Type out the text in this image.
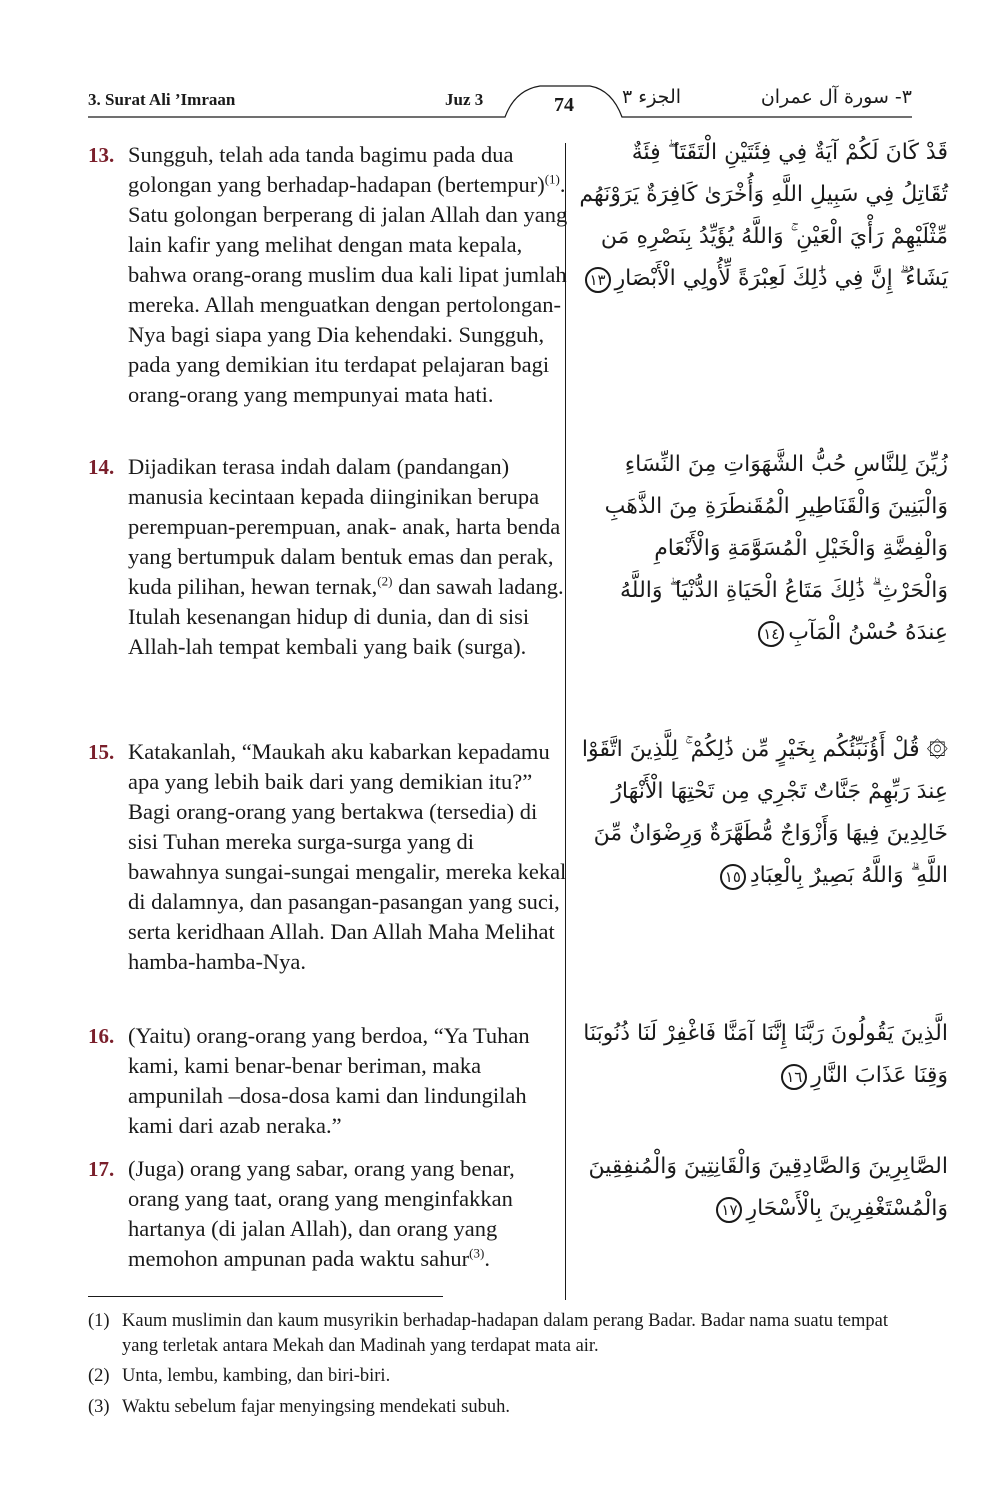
3. Surat Ali ’Imraan	Juz 3	74	الجزء ٣	٣- سورة آل عمران
13. Sungguh, telah ada tanda bagimu pada dua golongan yang berhadap-hadapan (bertempur)$^{(1)}$. Satu golongan berperang di jalan Allah dan yang lain kafir yang melihat dengan mata kepala, bahwa orang-orang muslim dua kali lipat jumlah mereka. Allah menguatkan dengan pertolongan-Nya bagi siapa yang Dia kehendaki. Sungguh, pada yang demikian itu terdapat pelajaran bagi orang-orang yang mempunyai mata hati.
قَدْ كَانَ لَكُمْ آيَةٌ فِي فِئَتَيْنِ الْتَقَتَا ۖ فِئَةٌ تُقَاتِلُ فِي سَبِيلِ اللَّهِ وَأُخْرَىٰ كَافِرَةٌ يَرَوْنَهُم مِّثْلَيْهِمْ رَأْيَ الْعَيْنِ ۚ وَاللَّهُ يُؤَيِّدُ بِنَصْرِهِ مَن يَشَاءُ ۗ إِنَّ فِي ذَٰلِكَ لَعِبْرَةً لِّأُولِي الْأَبْصَارِ١٣
14. Dijadikan terasa indah dalam (pandangan) manusia kecintaan kepada diinginikan berupa perempuan-perempuan, anak- anak, harta benda yang bertumpuk dalam bentuk emas dan perak, kuda pilihan, hewan ternak,$^{(2)}$ dan sawah ladang. Itulah kesenangan hidup di dunia, dan di sisi Allah-lah tempat kembali yang baik (surga).
زُيِّنَ لِلنَّاسِ حُبُّ الشَّهَوَاتِ مِنَ النِّسَاءِ وَالْبَنِينَ وَالْقَنَاطِيرِ الْمُقَنطَرَةِ مِنَ الذَّهَبِ وَالْفِضَّةِ وَالْخَيْلِ الْمُسَوَّمَةِ وَالْأَنْعَامِ وَالْحَرْثِ ۗ ذَٰلِكَ مَتَاعُ الْحَيَاةِ الدُّنْيَا ۖ وَاللَّهُ عِندَهُ حُسْنُ الْمَآبِ١٤
15. Katakanlah, “Maukah aku kabarkan kepadamu apa yang lebih baik dari yang demikian itu?” Bagi orang-orang yang bertakwa (tersedia) di sisi Tuhan mereka surga-surga yang di bawahnya sungai-sungai mengalir, mereka kekal di dalamnya, dan pasangan-pasangan yang suci, serta keridhaan Allah. Dan Allah Maha Melihat hamba-hamba-Nya.
۞ قُلْ أَؤُنَبِّئُكُم بِخَيْرٍ مِّن ذَٰلِكُمْ ۚ لِلَّذِينَ اتَّقَوْا عِندَ رَبِّهِمْ جَنَّاتٌ تَجْرِي مِن تَحْتِهَا الْأَنْهَارُ خَالِدِينَ فِيهَا وَأَزْوَاجٌ مُّطَهَّرَةٌ وَرِضْوَانٌ مِّنَ اللَّهِ ۗ وَاللَّهُ بَصِيرٌ بِالْعِبَادِ١٥
16. (Yaitu) orang-orang yang berdoa, “Ya Tuhan kami, kami benar-benar beriman, maka ampunilah –dosa-dosa kami dan lindungilah kami dari azab neraka.”
الَّذِينَ يَقُولُونَ رَبَّنَا إِنَّنَا آمَنَّا فَاغْفِرْ لَنَا ذُنُوبَنَا وَقِنَا عَذَابَ النَّارِ١٦
17. (Juga) orang yang sabar, orang yang benar, orang yang taat, orang yang menginfakkan hartanya (di jalan Allah), dan orang yang memohon ampunan pada waktu sahur$^{(3)}$.
الصَّابِرِينَ وَالصَّادِقِينَ وَالْقَانِتِينَ وَالْمُنفِقِينَ وَالْمُسْتَغْفِرِينَ بِالْأَسْحَارِ١٧
(1) Kaum muslimin dan kaum musyrikin berhadap-hadapan dalam perang Badar. Badar nama suatu tempat yang terletak antara Mekah dan Madinah yang terdapat mata air.
(2) Unta, lembu, kambing, dan biri-biri.
(3) Waktu sebelum fajar menyingsing mendekati subuh.
